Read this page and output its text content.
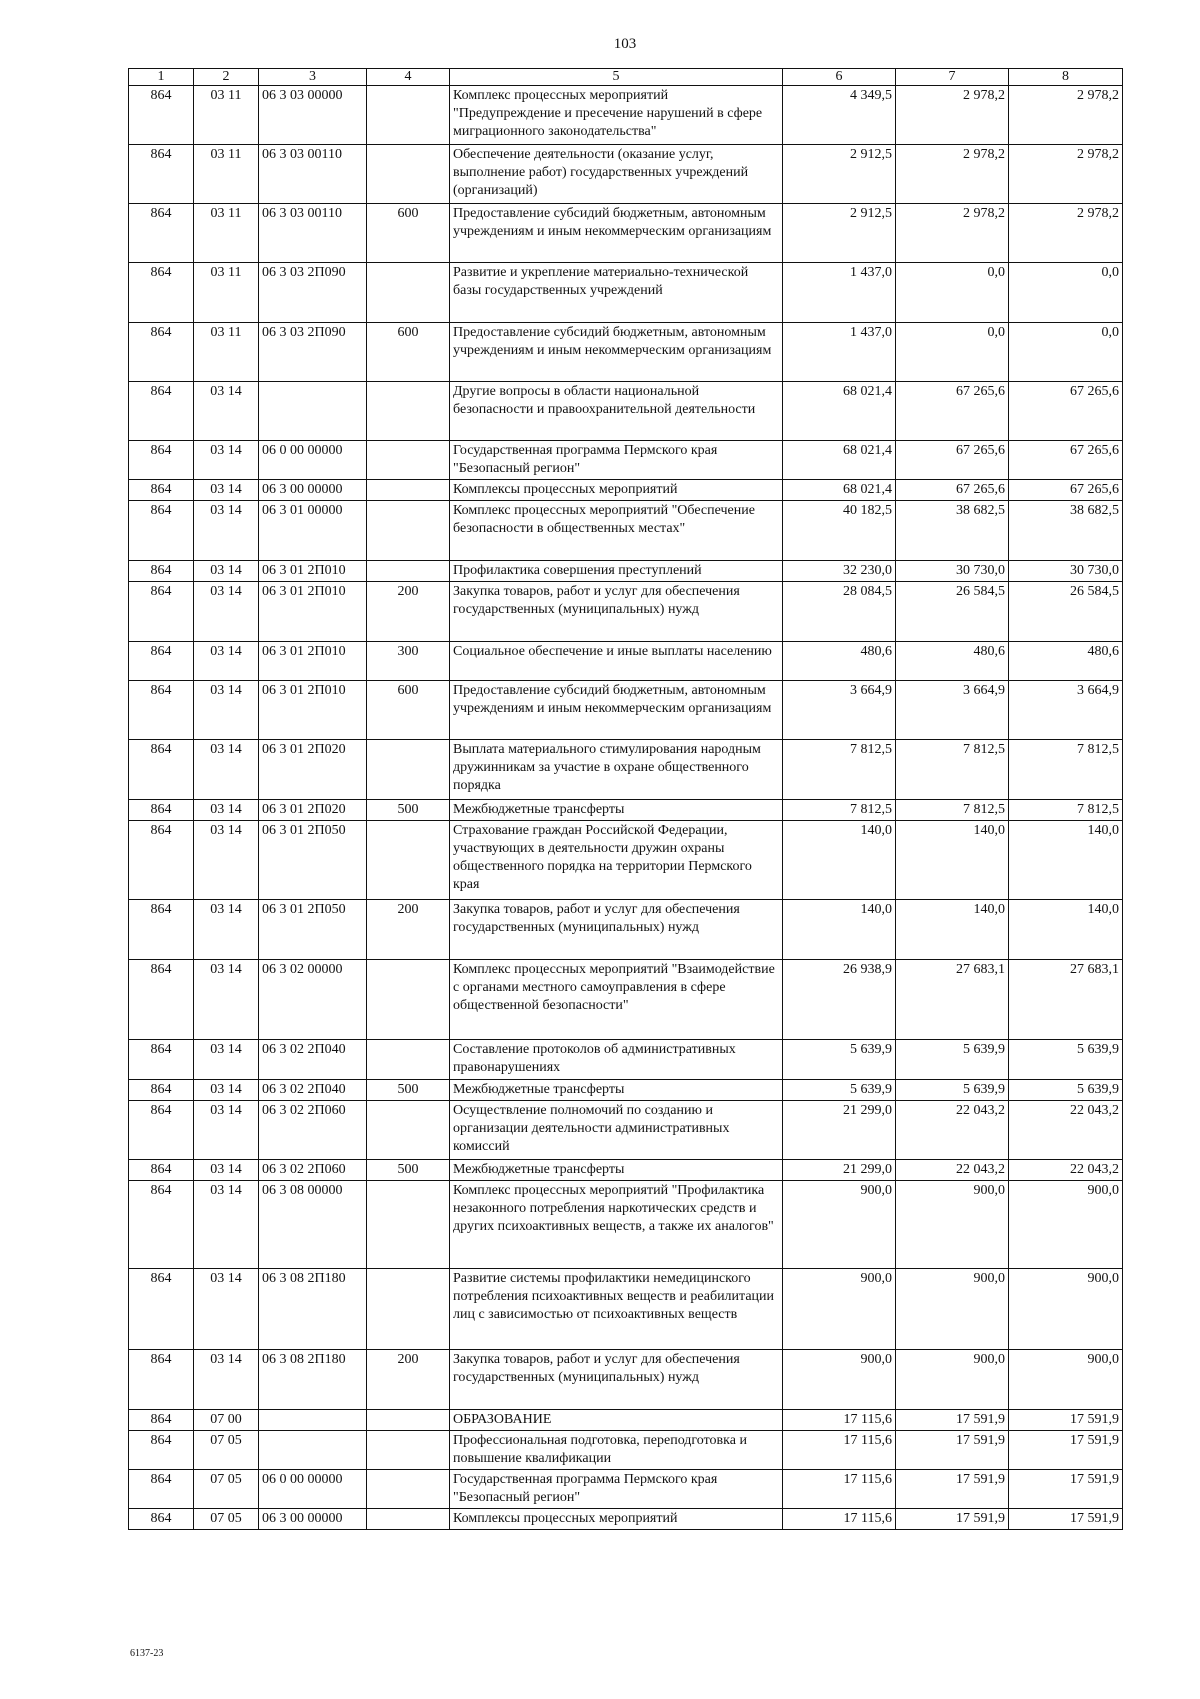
103
1	2	3	4	5	6	7	8
864	03 11	06 3 03 00000		Комплекс процессных мероприятий "Предупреждение и пресечение нарушений в сфере миграционного законодательства"	4 349,5	2 978,2	2 978,2
864	03 11	06 3 03 00110		Обеспечение деятельности (оказание услуг, выполнение работ) государственных учреждений (организаций)	2 912,5	2 978,2	2 978,2
864	03 11	06 3 03 00110	600	Предоставление субсидий бюджетным, автономным учреждениям и иным некоммерческим организациям	2 912,5	2 978,2	2 978,2
864	03 11	06 3 03 2П090		Развитие и укрепление материально-технической базы государственных учреждений	1 437,0	0,0	0,0
864	03 11	06 3 03 2П090	600	Предоставление субсидий бюджетным, автономным учреждениям и иным некоммерческим организациям	1 437,0	0,0	0,0
864	03 14			Другие вопросы в области национальной безопасности и правоохранительной деятельности	68 021,4	67 265,6	67 265,6
864	03 14	06 0 00 00000		Государственная программа Пермского края "Безопасный регион"	68 021,4	67 265,6	67 265,6
864	03 14	06 3 00 00000		Комплексы процессных мероприятий	68 021,4	67 265,6	67 265,6
864	03 14	06 3 01 00000		Комплекс процессных мероприятий "Обеспечение безопасности в общественных местах"	40 182,5	38 682,5	38 682,5
864	03 14	06 3 01 2П010		Профилактика совершения преступлений	32 230,0	30 730,0	30 730,0
864	03 14	06 3 01 2П010	200	Закупка товаров, работ и услуг для обеспечения государственных (муниципальных) нужд	28 084,5	26 584,5	26 584,5
864	03 14	06 3 01 2П010	300	Социальное обеспечение и иные выплаты населению	480,6	480,6	480,6
864	03 14	06 3 01 2П010	600	Предоставление субсидий бюджетным, автономным учреждениям и иным некоммерческим организациям	3 664,9	3 664,9	3 664,9
864	03 14	06 3 01 2П020		Выплата материального стимулирования народным дружинникам за участие в охране общественного порядка	7 812,5	7 812,5	7 812,5
864	03 14	06 3 01 2П020	500	Межбюджетные трансферты	7 812,5	7 812,5	7 812,5
864	03 14	06 3 01 2П050		Страхование граждан Российской Федерации, участвующих в деятельности дружин охраны общественного порядка на территории Пермского края	140,0	140,0	140,0
864	03 14	06 3 01 2П050	200	Закупка товаров, работ и услуг для обеспечения государственных (муниципальных) нужд	140,0	140,0	140,0
864	03 14	06 3 02 00000		Комплекс процессных мероприятий "Взаимодействие с органами местного самоуправления в сфере общественной безопасности"	26 938,9	27 683,1	27 683,1
864	03 14	06 3 02 2П040		Составление протоколов об административных правонарушениях	5 639,9	5 639,9	5 639,9
864	03 14	06 3 02 2П040	500	Межбюджетные трансферты	5 639,9	5 639,9	5 639,9
864	03 14	06 3 02 2П060		Осуществление полномочий по созданию и организации деятельности административных комиссий	21 299,0	22 043,2	22 043,2
864	03 14	06 3 02 2П060	500	Межбюджетные трансферты	21 299,0	22 043,2	22 043,2
864	03 14	06 3 08 00000		Комплекс процессных мероприятий "Профилактика незаконного потребления наркотических средств и других психоактивных веществ, а также их аналогов"	900,0	900,0	900,0
864	03 14	06 3 08 2П180		Развитие системы профилактики немедицинского потребления психоактивных веществ и реабилитации лиц с зависимостью от психоактивных веществ	900,0	900,0	900,0
864	03 14	06 3 08 2П180	200	Закупка товаров, работ и услуг для обеспечения государственных (муниципальных) нужд	900,0	900,0	900,0
864	07 00			ОБРАЗОВАНИЕ	17 115,6	17 591,9	17 591,9
864	07 05			Профессиональная подготовка, переподготовка и повышение квалификации	17 115,6	17 591,9	17 591,9
864	07 05	06 0 00 00000		Государственная программа Пермского края "Безопасный регион"	17 115,6	17 591,9	17 591,9
864	07 05	06 3 00 00000		Комплексы процессных мероприятий	17 115,6	17 591,9	17 591,9
6137-23
